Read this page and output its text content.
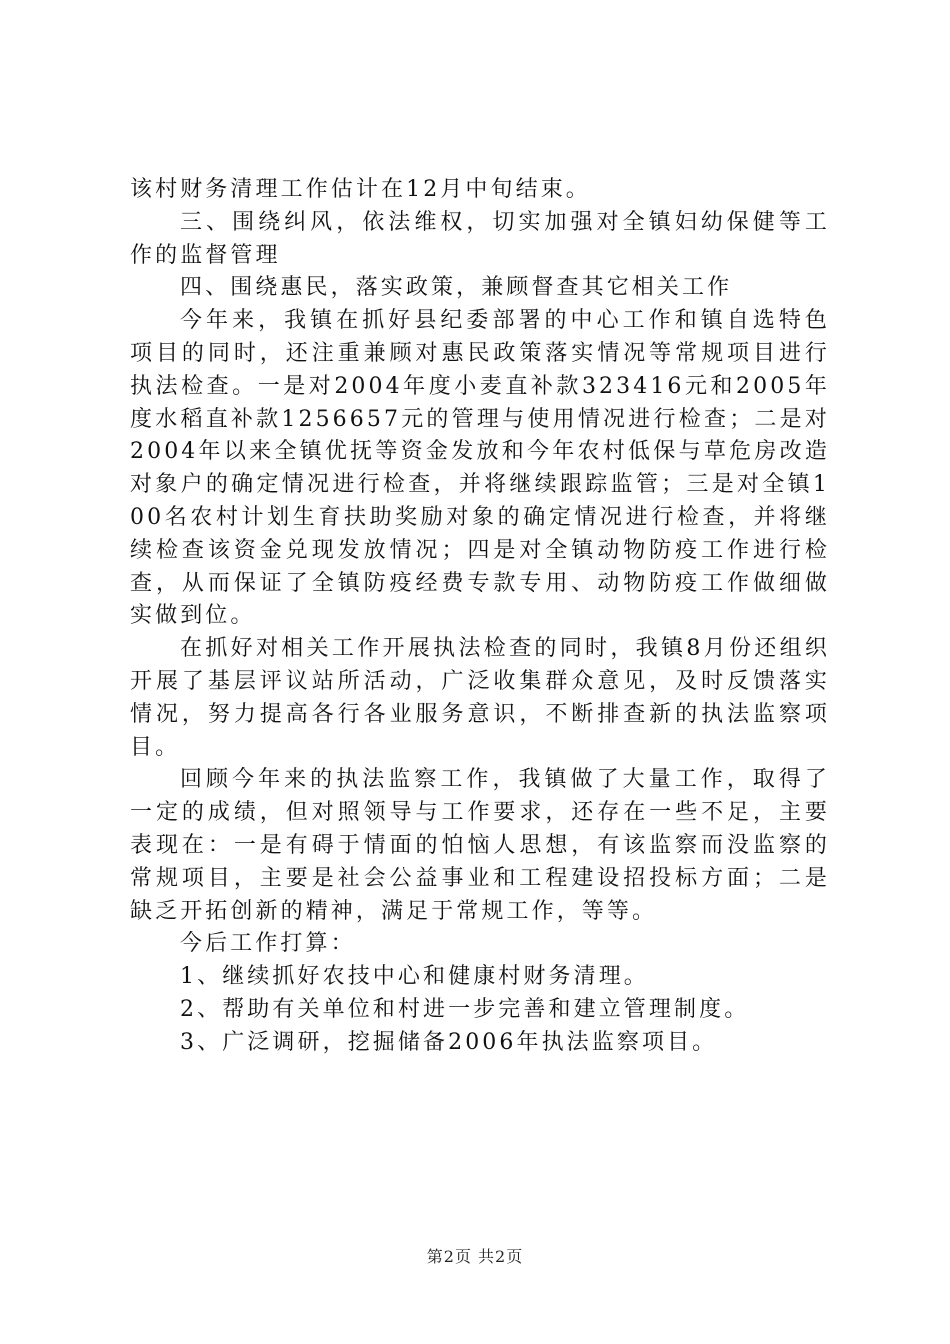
该村财务清理工作估计在12月中旬结束。

三、围绕纠风，依法维权，切实加强对全镇妇幼保健等工作的监督管理

四、围绕惠民，落实政策，兼顾督查其它相关工作

今年来，我镇在抓好县纪委部署的中心工作和镇自选特色项目的同时，还注重兼顾对惠民政策落实情况等常规项目进行执法检查。一是对2004年度小麦直补款323416元和2005年度水稻直补款1256657元的管理与使用情况进行检查；二是对2004年以来全镇优抚等资金发放和今年农村低保与草危房改造对象户的确定情况进行检查，并将继续跟踪监管；三是对全镇100名农村计划生育扶助奖励对象的确定情况进行检查，并将继续检查该资金兑现发放情况；四是对全镇动物防疫工作进行检查，从而保证了全镇防疫经费专款专用、动物防疫工作做细做实做到位。

在抓好对相关工作开展执法检查的同时，我镇8月份还组织开展了基层评议站所活动，广泛收集群众意见，及时反馈落实情况，努力提高各行各业服务意识，不断排查新的执法监察项目。

回顾今年来的执法监察工作，我镇做了大量工作，取得了一定的成绩，但对照领导与工作要求，还存在一些不足，主要表现在：一是有碍于情面的怕恼人思想，有该监察而没监察的常规项目，主要是社会公益事业和工程建设招投标方面；二是缺乏开拓创新的精神，满足于常规工作，等等。

今后工作打算：

1、继续抓好农技中心和健康村财务清理。

2、帮助有关单位和村进一步完善和建立管理制度。

3、广泛调研，挖掘储备2006年执法监察项目。

第2页 共2页
